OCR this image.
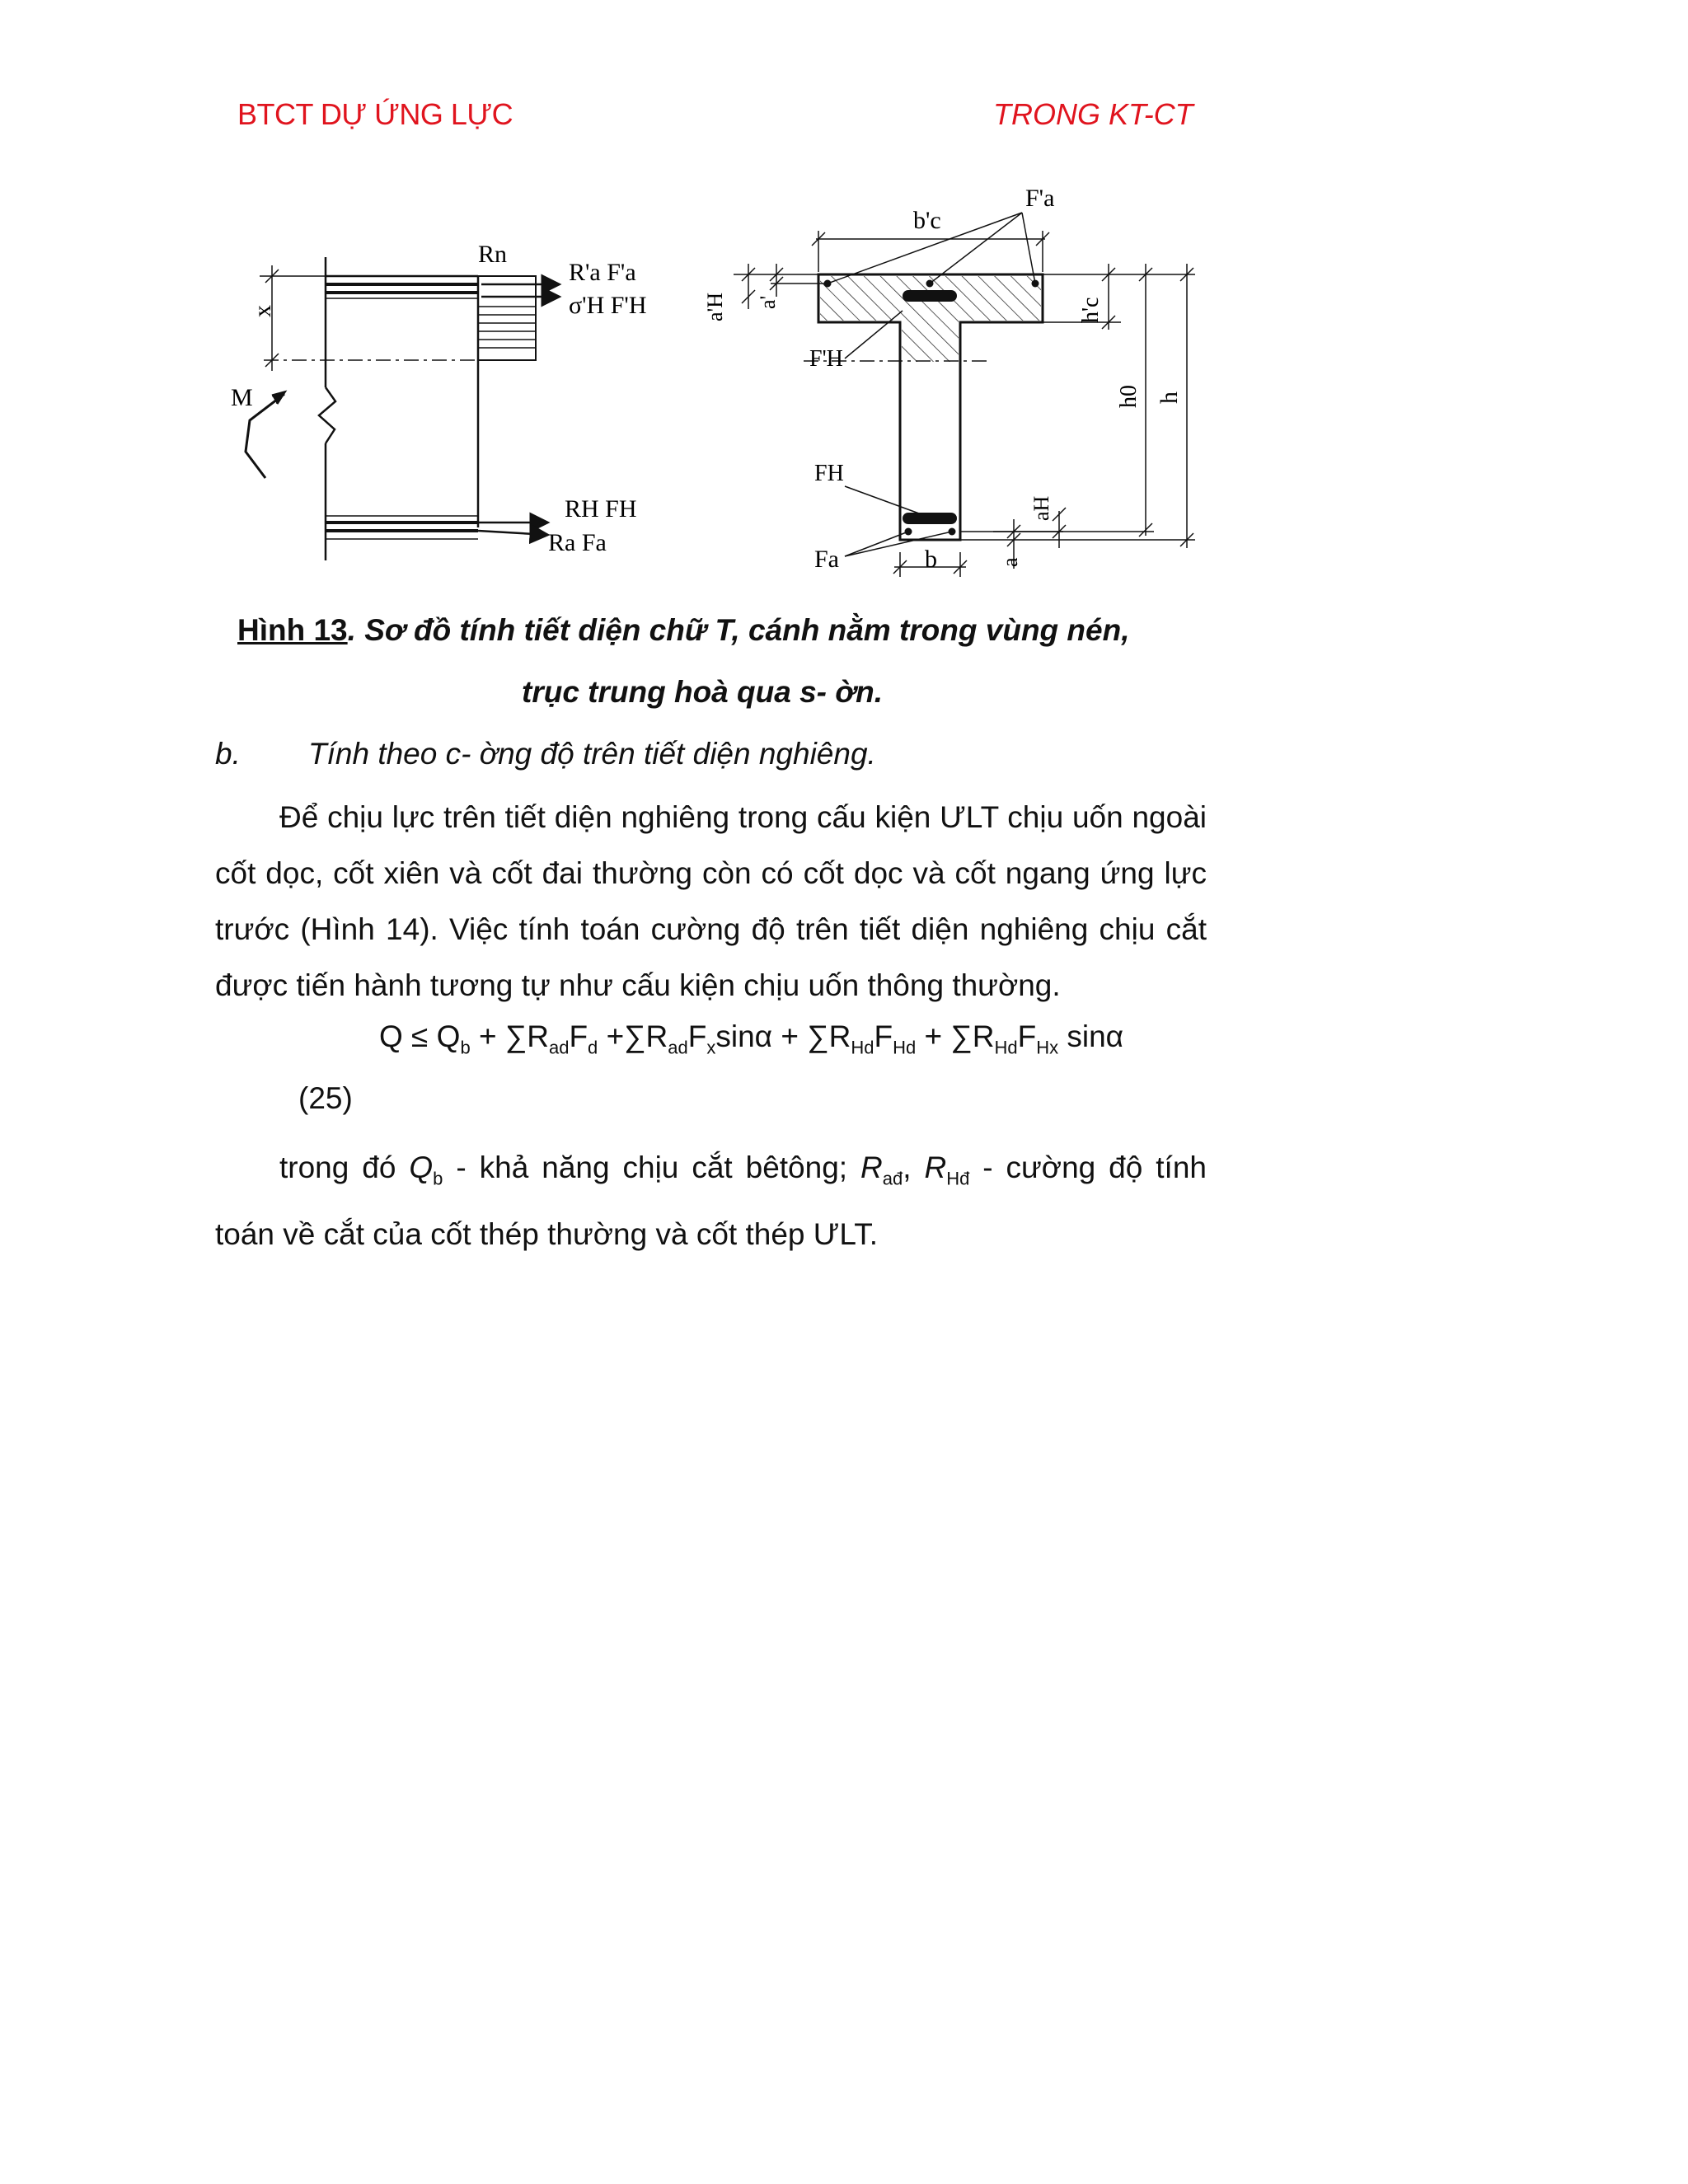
BTCT DỰ ỨNG LỰC	TRONG KT-CT
Rn
R'a F'a
σ'H F'H
x
M
RH FH
Ra Fa
b'c
F'a
a'H a'	h'c
F'H
h0 h
FH
aH
a
Fa	b
Hình 13. Sơ đồ tính tiết diện chữ T, cánh nằm trong vùng nén,
trục trung hoà qua s- ờn.
b. Tính theo c- ờng độ trên tiết diện nghiêng.

Để chịu lực trên tiết diện nghiêng trong cấu kiện ƯLT chịu uốn ngoài cốt dọc, cốt xiên và cốt đai thường còn có cốt dọc và cốt ngang ứng lực trước (Hình 14). Việc tính toán cường độ trên tiết diện nghiêng chịu cắt được tiến hành tương tự như cấu kiện chịu uốn thông thường.

$Q \le Q_b + \sum R_{ad}F_d +\sum R_{ad}F_x\sin\alpha + \sum R_{Hd}F_{Hd} + \sum R_{Hd}F_{Hx}$ sinα
(25)

trong đó $Q_b$ - khả năng chịu cắt bêtông; $R_{ađ}$, $R_{Hđ}$ - cường độ tính toán về cắt của cốt thép thường và cốt thép ƯLT.
